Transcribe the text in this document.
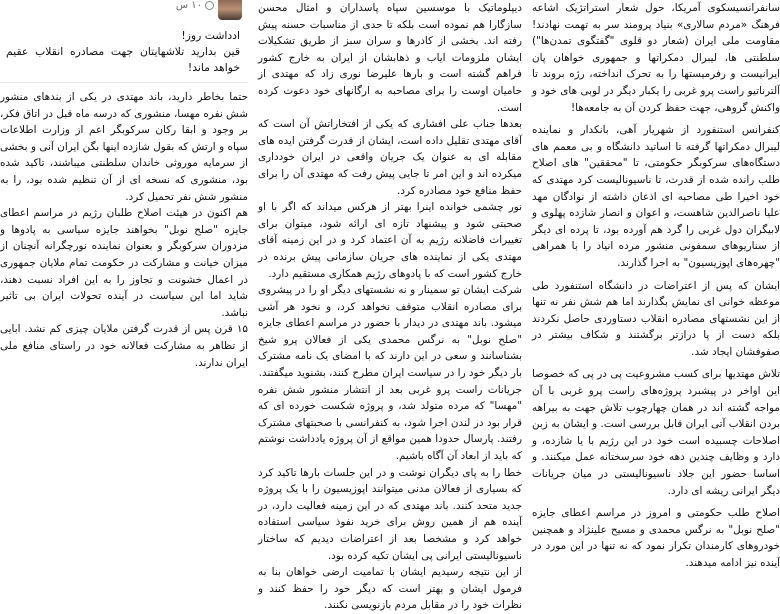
سانفرانسیسکوی آمریکا، حول شعار استراتژیک اشاعه فرهنگ «مردم سالاری» بنیاد پرومند سر به تهمت نهادند! مقاومت ملی ایران (شعار دو قلوی "گفتگوی تمدن‌ها") سلطنتی ها، لیبرال دمکراتها و جمهوری خواهان پان ایرانیست و رفرمیستها را به تحرک انداخته، رژه بروند تا آلترناتیو راست پرو غربی را یکبار دیگر در لوبی های خود و واکنش گروهی، جهت حفظ کردن آن به جامعه‌ها!

کنفرانس استنفورد از شهریار آهی، بانکدار و نماینده لیبرال دمکراتها گرفته تا اساتید دانشگاه و بی معمم های دستگاه‌های سرکوبگر حکومتی، تا "محققین" های اصلاح طلب رانده شده از قدرت، تا ناسیونالیست کرد مهتدی که خود اخیرا طی مصاحبه ای اذعان داشته از نوادگان مهد علیا ناصرالدین شاهست، و اعوان و انصار شازده پهلوی و لابیگران دول غربی را گرد هم آورده بود، تا پرده ای دیگر از سناریوهای سمفونی منشور مرده انیاد را با همراهی "چهره‌های اپوزیسیون" به اجرا گذارند.

ایشان که پس از اعتراضات در دانشگاه استنفورد طی موعظه خوانی ای نمایش بگذارند اما هم شش نفر نه تنها از این نشستهای مصادره انقلاب دستاوردی حاصل نکردند بلکه دست از پا درازتر برگشتند و شکاف بیشتر در صفوفشان ایجاد شد.

تلاش مهتدیها برای کسب مشروعیت پی در پی که خصوصا این اواخر در پیشبرد پروژه‌های راست پرو غربی با آن مواجه گشته اند در همان چهارچوب تلاش جهت به بیراهه بردن انقلاب آتی ایران قابل بررسی است. و ایشان به زبن اصلاحات چسبیده است خود در این رژیم با یا شازده، و دارد و وظایف چندین دهه خود سرسختانه عمل میکنند. و اساسا حضور این جلاد ناسیونالیستی در میان جریانات دیگر ایرانی ریشه ای دارد.

اصلاح طلب حکومتی و امروز در مراسم اعطای جایزه "صلح نوبل" به نرگس محمدی و مسیح علینژاد و همچنین خودروهای کارمندان تکرار نمود که نه تنها در این مورد در آینده نیز ادامه میدهند.

دیپلوماتیک با موسسین سپاه پاسداران و امثال محسن سازگارا هم نموده است بلکه تا حدی از مناسبات حسنه پیش رفته اند. بخشی از کادرها و سران سبز از طریق تشکیلات ایشان ملزومات ایاب و ذهابشان از ایران به خارج کشور فراهم گشته است و بارها علیرضا نوری زاد که مهتدی از حامیان اوست را برای مصاحبه به ارگانهای خود دعوت کرده است.

بعدها جناب علی افشاری که یکی از افتخاراتش آن است که آقای مهتدی تقلیل داده است، ایشان از قدرت گرفتن ایده های مقابله ای به عنوان یک جریان واقعی در ایران خودداری میکرده اند و این امر تا جایی پیش رفت که مهتدی آن را برای حفظ منافع خود مصادره کرد.

نور چشمی خوانده اینرا بهتر از هرکس میداند که اگر با او صحبتی شود و پیشنهاد تازه ای ارائه شود، میتوان برای تغییرات فاضلانه رژیم به آن اعتماد کرد و در این زمینه آقای مهتدی یکی از نماینده های جریان سازمانی پیش برنده در خارج کشور است که با پادوهای رژیم همکاری مستقیم دارد.

شرکت ایشان تو سمینار و نه نشستهای دیگر او را در پیشروی برای مصادره انقلاب متوقف نخواهد کرد، و نخود هر آشی میشود. باند مهتدی در دیدار با حضور در مراسم اعطای جایزه "صلح نوبل" به نرگس محمدی یکی از فعالان پرو شیخ بشناسانند و سعی در این دارند که با امضای یک نامه مشترک بار دیگر خود را در سیاست ایران مطرح کنند، بشنوید میگفتند.

جریانات راست پرو غربی بعد از انتشار منشور شش نفره "مهسا" که مرده متولد شد، و پروژه شکست خورده ای که قرار بود در لندن اجرا شود، به کنفرانسی با صحبتهای مشترک رفتند. پارسال حدودا همین مواقع از آن پروژه یادداشت نوشتم که باید از ابعاد آن آگاه باشیم.

خطا را به پای دیگران نوشت و در این جلسات بارها تاکید کرد که بسیاری از فعالان مدنی میتوانند اپوزیسیون را با یک پروژه جدید متحد کنند. باند مهتدی که در این زمینه فعالیت دارد، در آینده هم از همین روش برای خرید نفوذ سیاسی استفاده خواهد کرد و مشخصا بعد از اعتراضات دیدیم که ساختار ناسیونالیستی ایرانی پی ایشان تکیه کرده بود.

از این نتیجه رسیدیم ایشان با تمامیت ارضی خواهان بنا به فرمول ایشان و بهتر است که دیگر خود را حفظ کنند و نظرات خود را در مقابل مردم بازنویسی نکنند.

۱۰ س

ادداشت روز!

قین بدارید تلاشهایتان جهت مصادره انقلاب عقیم خواهد ماند!

حتما بخاطر دارید، باند مهتدی در یکی از بندهای منشور شش نفره مهسا، منشوری که درسه ماه قبل در اتاق فکر، بر وجود و ابقا رکان سرکوبگر اعم از وزارت اطلاعات سپاه و ارتش که بقول شازده اینها بگن ایران آنی و بخشی از سرمایه موروثی خاندان سلطنتی میباشند، تاکید شده بود، منشوری که نسخه ای از آن تنظیم شده بود، را به منشور شش نفر تحمیل کرد.

هم اکنون در هیئت اصلاح طلبان رژیم در مراسم اعطای جایزه "صلح نوبل" بخواهند جایزه سیاسی به پادوها و مزدوران سرکوبگر و بعنوان نماینده نورچگرانه آنچنان از میزان خیانت و مشارکت در حکومت تمام ملایان جمهوری در اعمال خشونت و تجاوز را به این افراد نسبت دهند، شاید اما این سیاست در آینده تحولات ایران بی تاثیر نباشد.

۱۵ قرن پس از قدرت گرفتن ملایان چیزی کم نشد. ابایی از تظاهر به مشارکت فعالانه خود در راستای منافع ملی ایران ندارند.
